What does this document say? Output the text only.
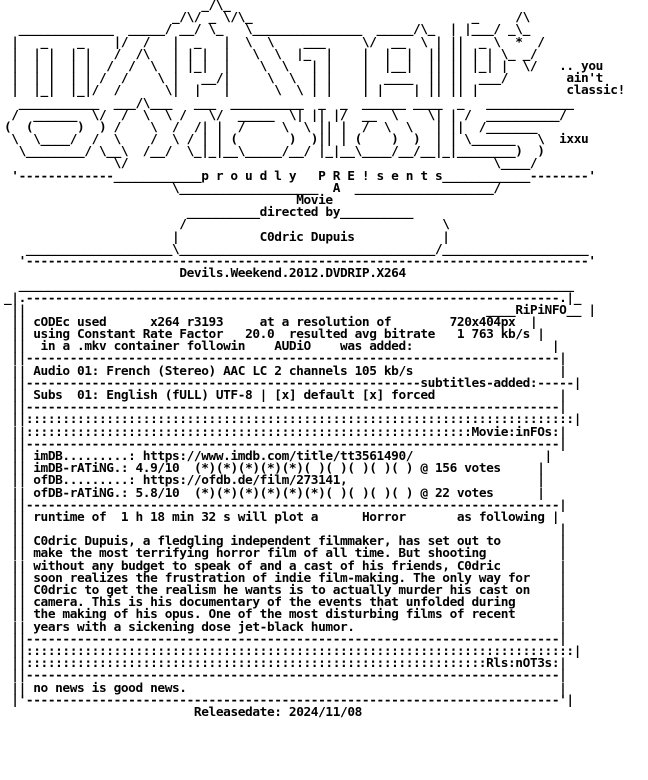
_/\_
_/\/ _ \/\_                              _     /\
_____________  _____/ __/ \_   \_______________  _____/\_  | |___/ _\_
|   _    _    |/  /   |  _   |  \  \    ___     \/  __  \ | ||  _ \  *  /
|  | |  | |   /  /\   | | |  |   \  \  |_  |    |  |  |  || || | | \_ _/
|  | |  | |  /  /  \  | |_|  |    \  \   | |    |  |__|  || || |_| |  \/   .. you
|  | |  | | /  /    \ |   __/|     \  \  | |    |  ____  || ||  ___/        ain't
|  |_|  |_|/  /      \|  |   |      \  \ | |    | |    | || || |            classic!
___________  ___/\___   ___  __________  _  _  ______ ____  _   ____________
/  ______  \/  /  \  \ /   \/  _____  \| || |/  __  \    \| | /  __________/
(  (      )  ) /    \  /  /| |  /     \  \ || |  /  \  \   | ||  /_______
\  \____/  /  \    /  \ / | | (       )  )|| | (    )  )  | | \______   \  ixxu
\________/ \__\  /__/  \_|_|__\_____/__/ |_|__\____/__/__|_|________)  )
\/                                                  \____/
'-------------____________p r o u d l y   P R E ! s e n t s____________--------'
\___________________  A  ___________________/
Movie
__________directed by__________
/                                   \
|           C0dric Dupuis            |
____________________\___________________________________/____________________
'-----------------------------------------------------------------------------'
Devils.Weekend.2012.DVDRIP.X264
____________________________________________________________________________
_|.-------------------------------------------------------------------------.|_
||                                                               ____RiPiNFO__ |
|| cODEc used	x264 r3193	at a resolution of	720x404px  |
|| using Constant Rate Factor 20.0 resulted avg bitrate 1 763 kb/s |
||  in a .mkv container followin AUDiO was added:                   |
||-------------------------------------------------------------------------|
|| Audio 01: French (Stereo) AAC LC 2 channels 105 kb/s                    |
||------------------------------------------------------subtitles-added:-----|
|| Subs  01: English (fULL) UTF-8 | [x] default [x] forced                 |
||-------------------------------------------------------------------------|
||:::::::::::::::::::::::::::::::::::::::::::::::::::::::::::::::::::::::::::|
||:::::::::::::::::::::::::::::::::::::::::::::::::::::::::::::Movie:inFOs:|
||-------------------------------------------------------------------------|
|| imDB.........: https://www.imdb.com/title/tt3561490/                  |
|| imDB-rATiNG.: 4.9/10 (*)(*)(*)(*)(*)( )( )( )( )( ) @ 156 votes     |
|| ofDB.........: https://ofdb.de/film/273141,                          |
|| ofDB-rATiNG.: 5.8/10 (*)(*)(*)(*)(*)(*)( )( )( )( ) @ 22 votes      |
||-------------------------------------------------------------------------|
|| runtime of 1 h 18 min 32 s will plot a	Horror	as following |
||                                                                         |
|| C0dric Dupuis, a fledgling independent filmmaker, has set out to        |
|| make the most terrifying horror film of all time. But shooting          |
|| without any budget to speak of and a cast of his friends, C0dric        |
|| soon realizes the frustration of indie film-making. The only way for    |
|| C0dric to get the realism he wants is to actually murder his cast on    |
|| camera. This is his documentary of the events that unfolded during      |
|| the making of his opus. One of the most disturbing films of recent      |
|| years with a sickening dose jet-black humor.                            |
||-------------------------------------------------------------------------|
||:::::::::::::::::::::::::::::::::::::::::::::::::::::::::::::::::::::::::::|
||:::::::::::::::::::::::::::::::::::::::::::::::::::::::::::::::Rls:nOT3s:|
||-------------------------------------------------------------------------|
|| no news is good news.                                                   |
|'-------------------------------------------------------------------------'|
Releasedate: 2024/11/08
